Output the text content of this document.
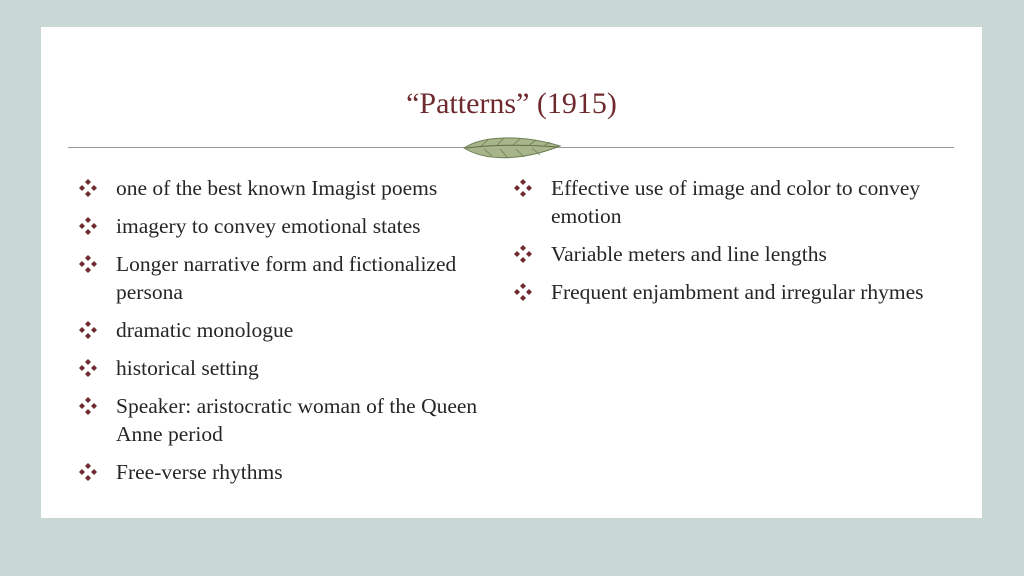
“Patterns” (1915)
one of the best known Imagist poems
imagery to convey emotional states
Longer narrative form and fictionalized persona
dramatic monologue
historical setting
Speaker: aristocratic woman of the Queen Anne period
Free-verse rhythms
Effective use of image and color to convey emotion
Variable meters and line lengths
Frequent enjambment and irregular rhymes
